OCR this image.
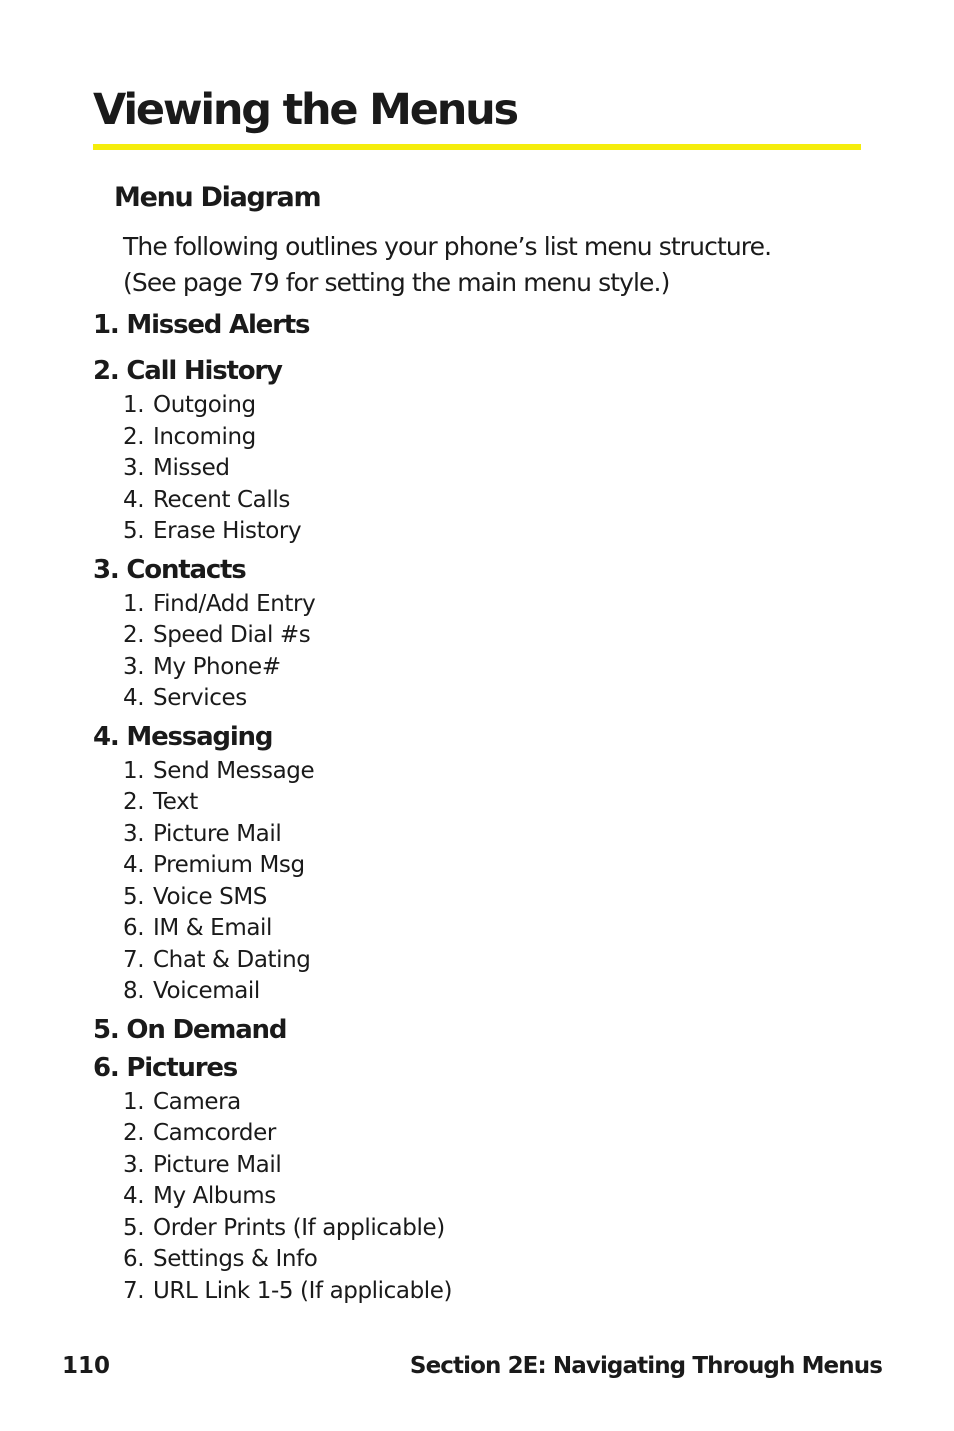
Viewing the Menus
Menu Diagram

The following outlines your phone’s list menu structure.

(See page 79 for setting the main menu style.)

1. Missed Alerts
2. Call History
1. Outgoing
2. Incoming
3. Missed
4. Recent Calls
5. Erase History
3. Contacts
1. Find/Add Entry
2. Speed Dial #s
3. My Phone#
4. Services
4. Messaging
1. Send Message
2. Text
3. Picture Mail
4. Premium Msg
5. Voice SMS
6. IM & Email
7. Chat & Dating
8. Voicemail
5. On Demand
6. Pictures
1. Camera
2. Camcorder
3. Picture Mail
4. My Albums
5. Order Prints (If applicable)
6. Settings & Info
7. URL Link 1-5 (If applicable)
110	Section 2E: Navigating Through Menus
